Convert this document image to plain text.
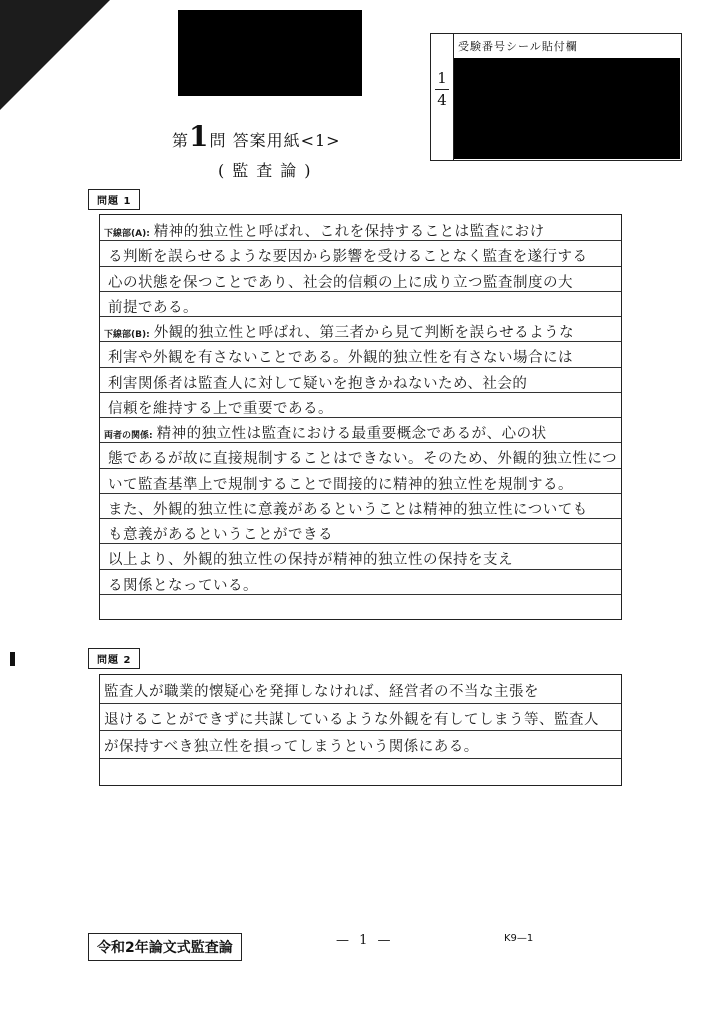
受験番号シール貼付欄
1
4
第1問 答案用紙<1>
(監査論)
問題 1
下線部(A): 精神的独立性と呼ばれ、これを保持することは監査におけ
る判断を誤らせるような要因から影響を受けることなく監査を遂行する
心の状態を保つことであり、社会的信頼の上に成り立つ監査制度の大
前提である。
下線部(B): 外観的独立性と呼ばれ、第三者から見て判断を誤らせるような
利害や外観を有さないことである。外観的独立性を有さない場合には
利害関係者は監査人に対して疑いを抱きかねないため、社会的
信頼を維持する上で重要である。
両者の関係: 精神的独立性は監査における最重要概念であるが、心の状
態であるが故に直接規制することはできない。そのため、外観的独立性につ
いて監査基準上で規制することで間接的に精神的独立性を規制する。
また、外観的独立性に意義があるということは精神的独立性についても
も意義があるということができる
以上より、外観的独立性の保持が精神的独立性の保持を支え
る関係となっている。
問題 2
監査人が職業的懐疑心を発揮しなければ、経営者の不当な主張を
退けることができずに共謀しているような外観を有してしまう等、監査人
が保持すべき独立性を損ってしまうという関係にある。
令和2年論文式監査論	— 1 —	K9—1
